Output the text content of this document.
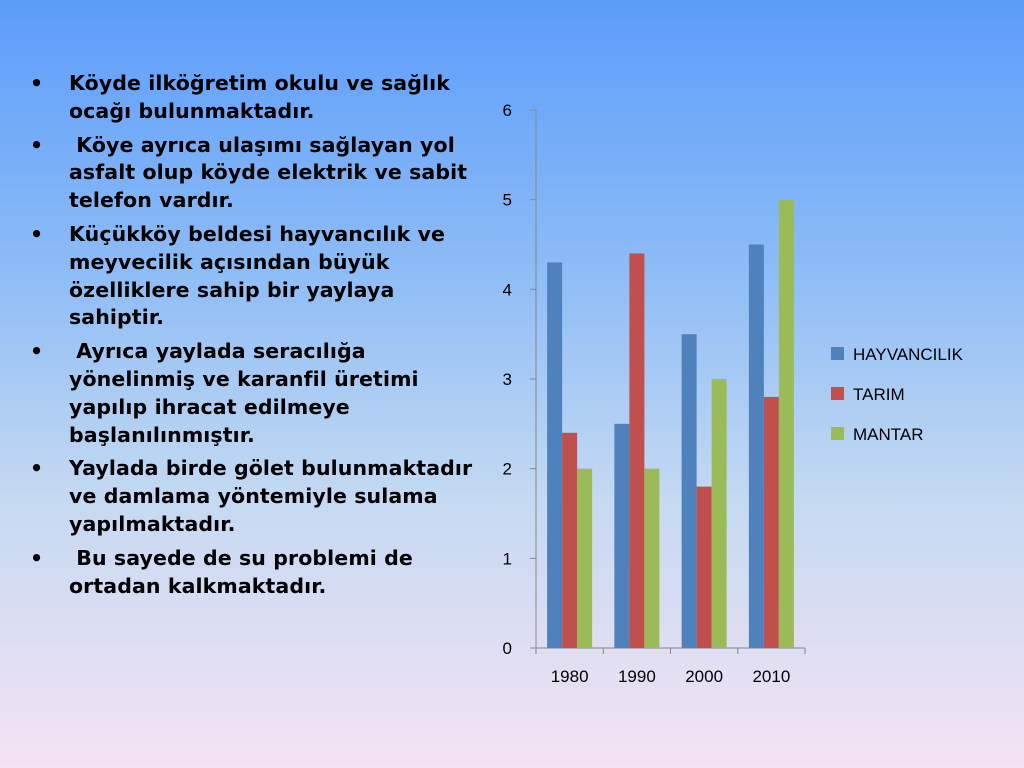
• Köyde ilköğretim okulu ve sağlık ocağı bulunmaktadır.
• Köye ayrıca ulaşımı sağlayan yol asfalt olup köyde elektrik ve sabit telefon vardır.
• Küçükköy beldesi hayvancılık ve meyvecilik açısından büyük özelliklere sahip bir yaylaya sahiptir.
• Ayrıca yaylada seracılığa yönelinmiş ve karanfil üretimi yapılıp ihracat edilmeye başlanılınmıştır.
• Yaylada birde gölet bulunmaktadır ve damlama yöntemiyle sulama yapılmaktadır.
• Bu sayede de su problemi de ortadan kalkmaktadır.
0
1
2
3
4
5
6
1980 1990 2000 2010
HAYVANCILIK
TARIM
MANTAR
